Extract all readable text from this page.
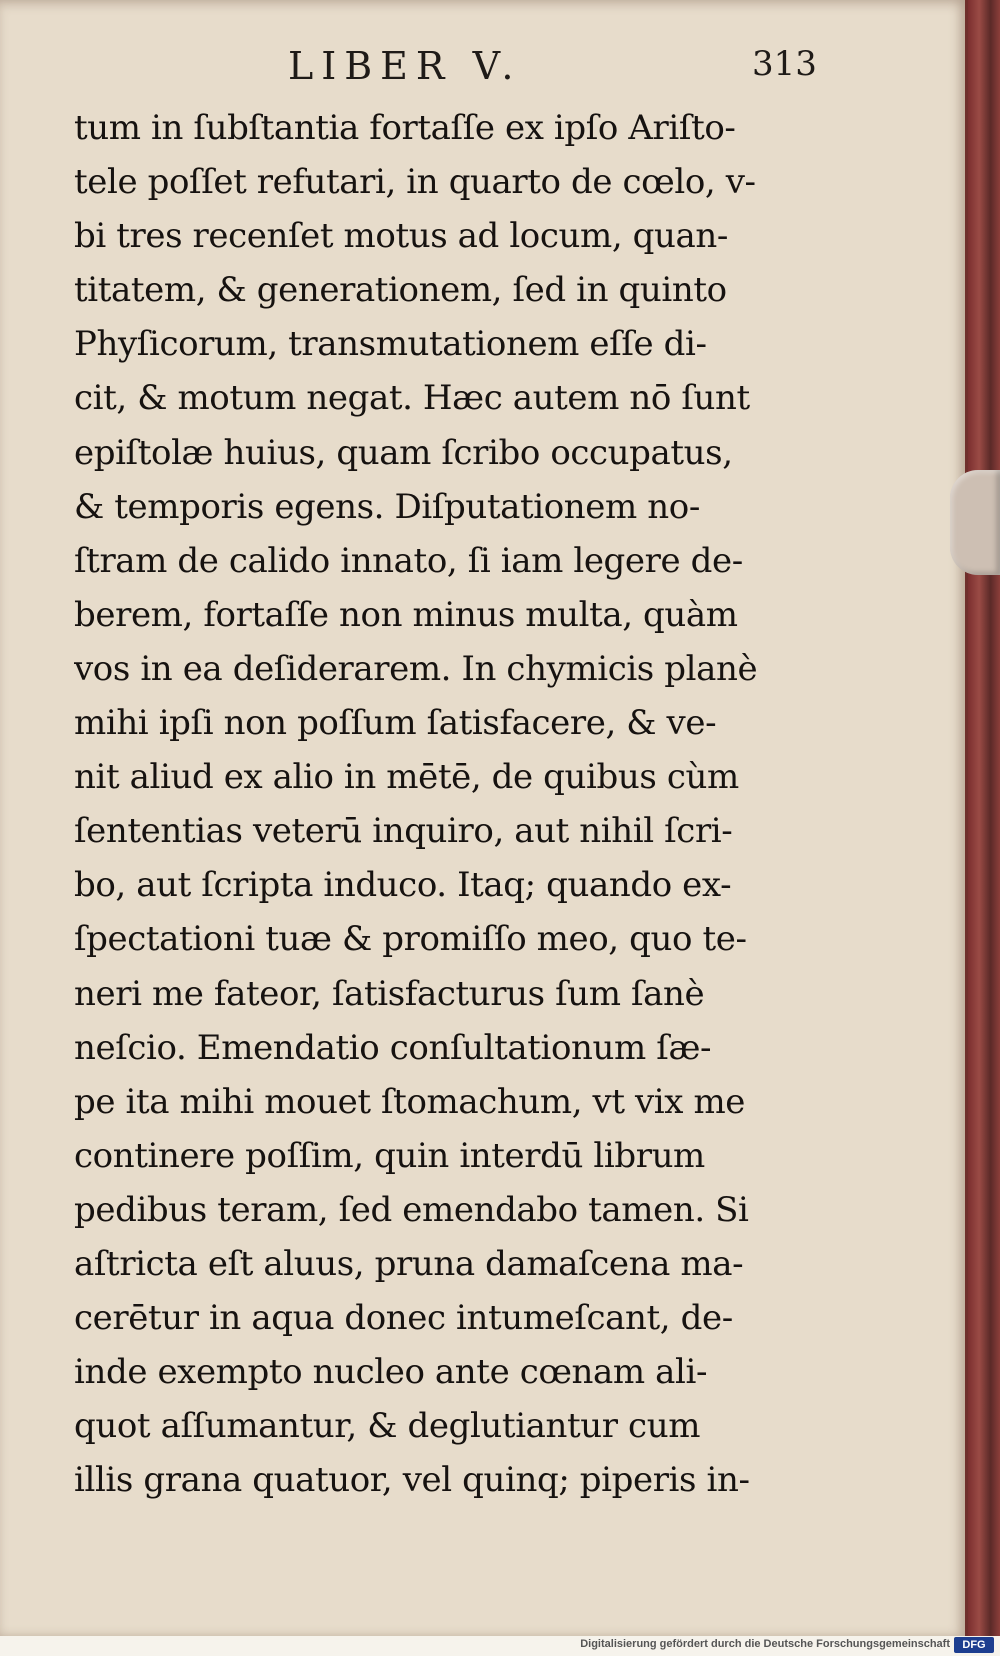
LIBER V.	313
tum in ſubſtantia fortaſſe ex ipſo Ariſto-
tele poſſet refutari, in quarto de cœlo, v-
bi tres recenſet motus ad locum, quan-
titatem, & generationem, ſed in quinto
Phyſicorum, transmutationem eſſe di-
cit, & motum negat. Hæc autem nō ſunt
epiſtolæ huius, quam ſcribo occupatus,
& temporis egens. Diſputationem no-
ſtram de calido innato, ſi iam legere de-
berem, fortaſſe non minus multa, quàm
vos in ea deſiderarem. In chymicis planè
mihi ipſi non poſſum ſatisfacere, & ve-
nit aliud ex alio in mētē, de quibus cùm
ſententias veterū inquiro, aut nihil ſcri-
bo, aut ſcripta induco. Itaq; quando ex-
ſpectationi tuæ & promiſſo meo, quo te-
neri me fateor, ſatisfacturus ſum ſanè
neſcio. Emendatio conſultationum ſæ-
pe ita mihi mouet ſtomachum, vt vix me
continere poſſim, quin interdū librum
pedibus teram, ſed emendabo tamen. Si
aſtricta eſt aluus, pruna damaſcena ma-
cerētur in aqua donec intumeſcant, de-
inde exempto nucleo ante cœnam ali-
quot aſſumantur, & deglutiantur cum
illis grana quatuor, vel quinq; piperis in-
Digitalisierung gefördert durch die Deutsche Forschungsgemeinschaft	DFG
